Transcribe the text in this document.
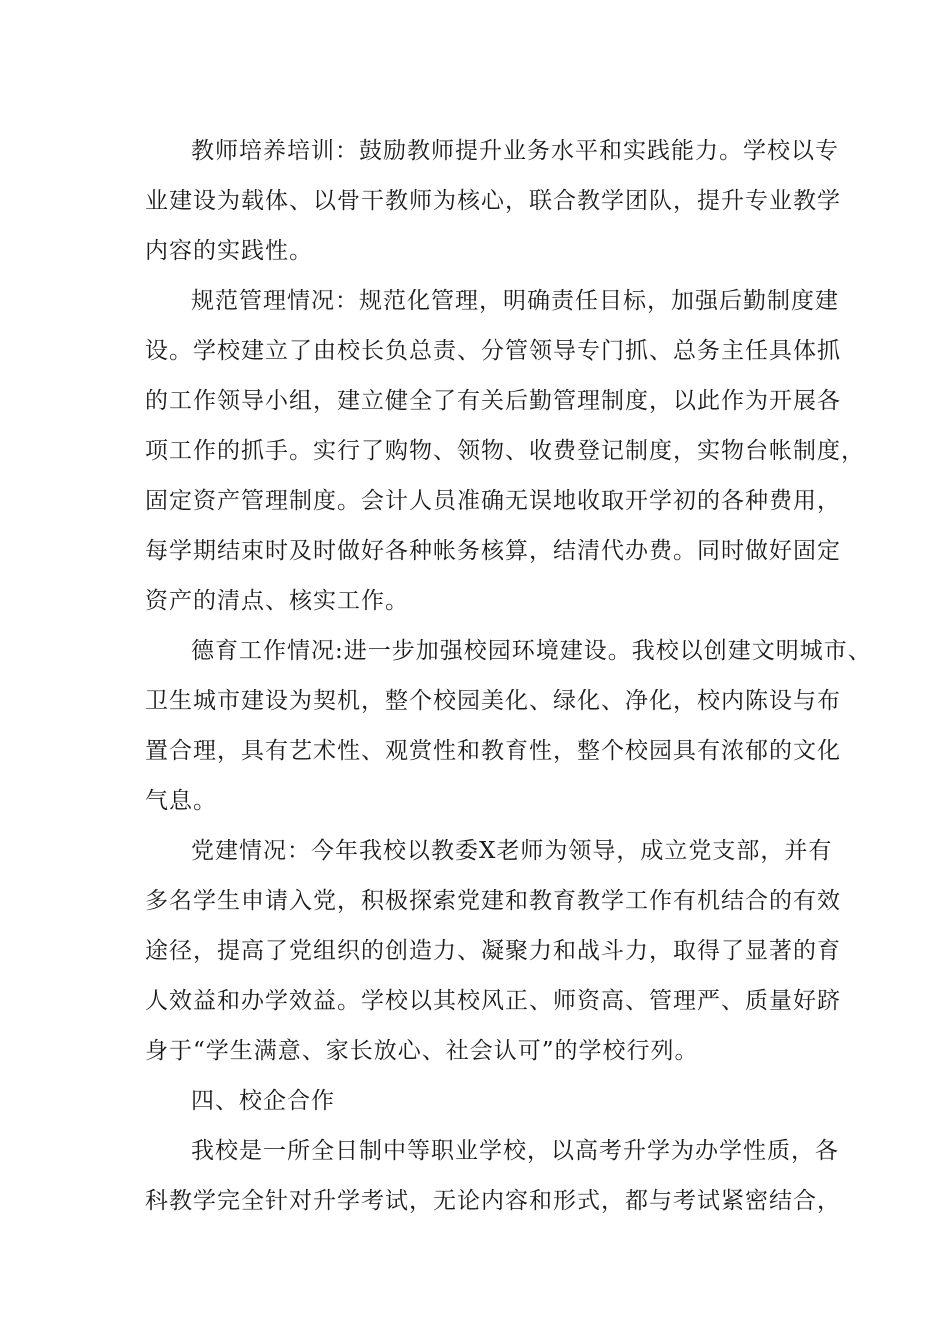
教师培养培训：鼓励教师提升业务水平和实践能力。学校以专
业建设为载体、以骨干教师为核心，联合教学团队，提升专业教学
内容的实践性。
规范管理情况：规范化管理，明确责任目标，加强后勤制度建
设。学校建立了由校长负总责、分管领导专门抓、总务主任具体抓
的工作领导小组，建立健全了有关后勤管理制度，以此作为开展各
项工作的抓手。实行了购物、领物、收费登记制度，实物台帐制度，
固定资产管理制度。会计人员准确无误地收取开学初的各种费用，
每学期结束时及时做好各种帐务核算，结清代办费。同时做好固定
资产的清点、核实工作。
德育工作情况:进一步加强校园环境建设。我校以创建文明城市、
卫生城市建设为契机，整个校园美化、绿化、净化，校内陈设与布
置合理，具有艺术性、观赏性和教育性，整个校园具有浓郁的文化
气息。
党建情况：今年我校以教委X老师为领导，成立党支部，并有
多名学生申请入党，积极探索党建和教育教学工作有机结合的有效
途径，提高了党组织的创造力、凝聚力和战斗力，取得了显著的育
人效益和办学效益。学校以其校风正、师资高、管理严、质量好跻
身于“学生满意、家长放心、社会认可”的学校行列。
四、校企合作
我校是一所全日制中等职业学校，以高考升学为办学性质，各
科教学完全针对升学考试，无论内容和形式，都与考试紧密结合，
